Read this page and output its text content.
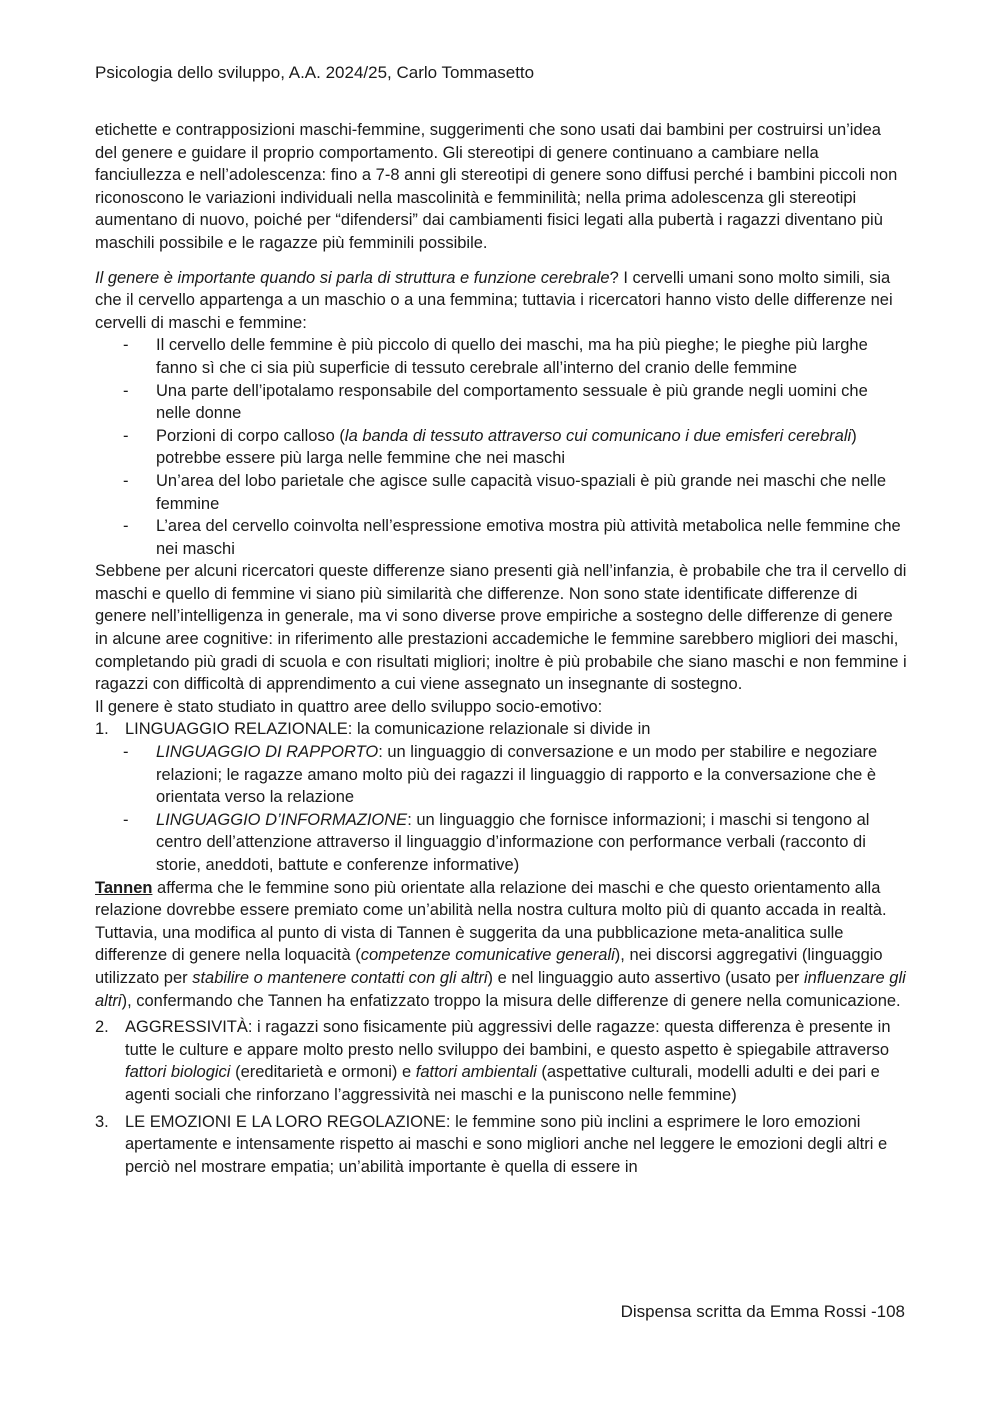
Psicologia dello sviluppo, A.A. 2024/25, Carlo Tommasetto

etichette e contrapposizioni maschi-femmine, suggerimenti che sono usati dai bambini per costruirsi un’idea del genere e guidare il proprio comportamento. Gli stereotipi di genere continuano a cambiare nella fanciullezza e nell’adolescenza: fino a 7-8 anni gli stereotipi di genere sono diffusi perché i bambini piccoli non riconoscono le variazioni individuali nella mascolinità e femminilità; nella prima adolescenza gli stereotipi aumentano di nuovo, poiché per “difendersi” dai cambiamenti fisici legati alla pubertà i ragazzi diventano più maschili possibile e le ragazze più femminili possibile.

Il genere è importante quando si parla di struttura e funzione cerebrale? I cervelli umani sono molto simili, sia che il cervello appartenga a un maschio o a una femmina; tuttavia i ricercatori hanno visto delle differenze nei cervelli di maschi e femmine:

- Il cervello delle femmine è più piccolo di quello dei maschi, ma ha più pieghe; le pieghe più larghe fanno sì che ci sia più superficie di tessuto cerebrale all’interno del cranio delle femmine
- Una parte dell’ipotalamo responsabile del comportamento sessuale è più grande negli uomini che nelle donne
- Porzioni di corpo calloso (la banda di tessuto attraverso cui comunicano i due emisferi cerebrali) potrebbe essere più larga nelle femmine che nei maschi
- Un’area del lobo parietale che agisce sulle capacità visuo-spaziali è più grande nei maschi che nelle femmine
- L’area del cervello coinvolta nell’espressione emotiva mostra più attività metabolica nelle femmine che nei maschi

Sebbene per alcuni ricercatori queste differenze siano presenti già nell’infanzia, è probabile che tra il cervello di maschi e quello di femmine vi siano più similarità che differenze. Non sono state identificate differenze di genere nell’intelligenza in generale, ma vi sono diverse prove empiriche a sostegno delle differenze di genere in alcune aree cognitive: in riferimento alle prestazioni accademiche le femmine sarebbero migliori dei maschi, completando più gradi di scuola e con risultati migliori; inoltre è più probabile che siano maschi e non femmine i ragazzi con difficoltà di apprendimento a cui viene assegnato un insegnante di sostegno.

Il genere è stato studiato in quattro aree dello sviluppo socio-emotivo:

1. LINGUAGGIO RELAZIONALE: la comunicazione relazionale si divide in
- LINGUAGGIO DI RAPPORTO: un linguaggio di conversazione e un modo per stabilire e negoziare relazioni; le ragazze amano molto più dei ragazzi il linguaggio di rapporto e la conversazione che è orientata verso la relazione
- LINGUAGGIO D’INFORMAZIONE: un linguaggio che fornisce informazioni; i maschi si tengono al centro dell’attenzione attraverso il linguaggio d’informazione con performance verbali (racconto di storie, aneddoti, battute e conferenze informative)

Tannen afferma che le femmine sono più orientate alla relazione dei maschi e che questo orientamento alla relazione dovrebbe essere premiato come un’abilità nella nostra cultura molto più di quanto accada in realtà. Tuttavia, una modifica al punto di vista di Tannen è suggerita da una pubblicazione meta-analitica sulle differenze di genere nella loquacità (competenze comunicative generali), nei discorsi aggregativi (linguaggio utilizzato per stabilire o mantenere contatti con gli altri) e nel linguaggio auto assertivo (usato per influenzare gli altri), confermando che Tannen ha enfatizzato troppo la misura delle differenze di genere nella comunicazione.

2. AGGRESSIVITÀ: i ragazzi sono fisicamente più aggressivi delle ragazze: questa differenza è presente in tutte le culture e appare molto presto nello sviluppo dei bambini, e questo aspetto è spiegabile attraverso fattori biologici (ereditarietà e ormoni) e fattori ambientali (aspettative culturali, modelli adulti e dei pari e agenti sociali che rinforzano l’aggressività nei maschi e la puniscono nelle femmine)
3. LE EMOZIONI E LA LORO REGOLAZIONE: le femmine sono più inclini a esprimere le loro emozioni apertamente e intensamente rispetto ai maschi e sono migliori anche nel leggere le emozioni degli altri e perciò nel mostrare empatia; un’abilità importante è quella di essere in
Dispensa scritta da Emma Rossi -108
